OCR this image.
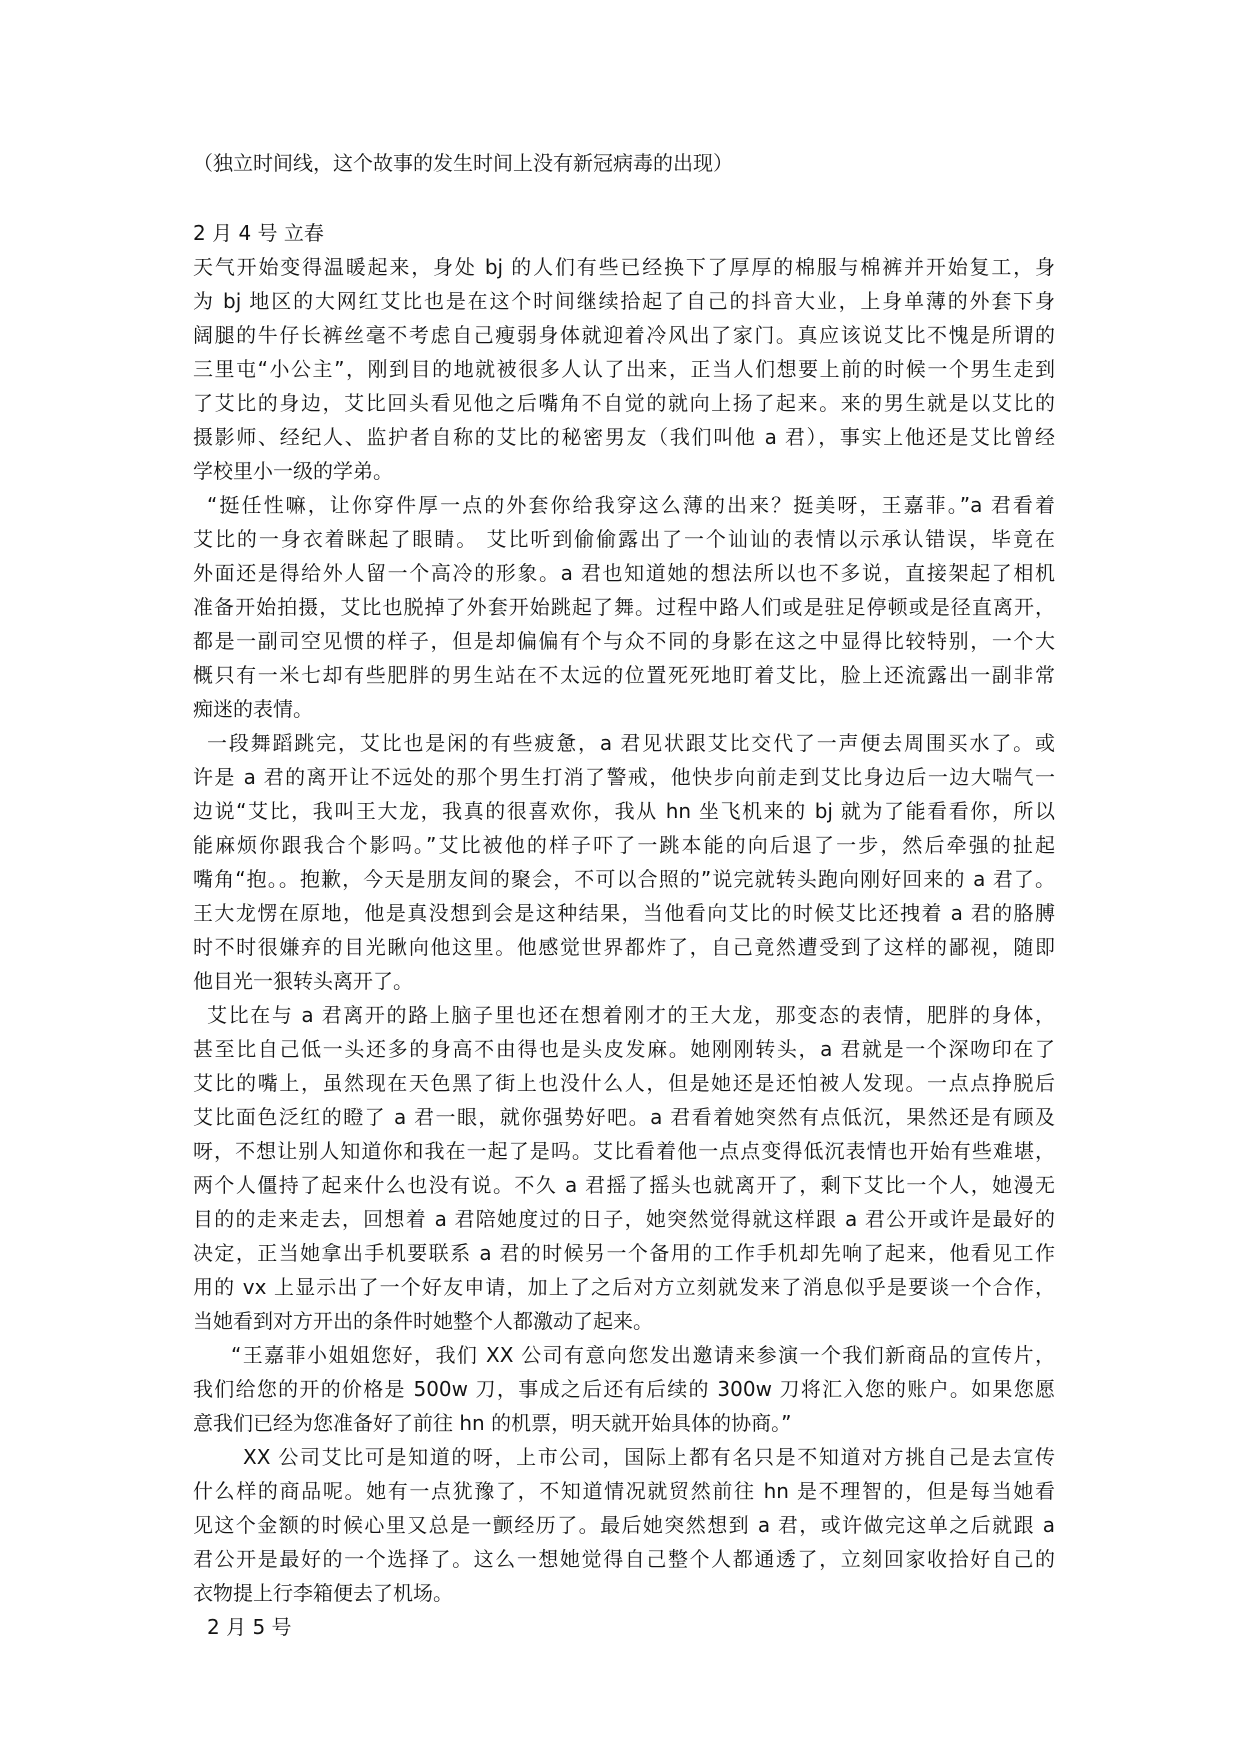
（独立时间线，这个故事的发生时间上没有新冠病毒的出现）
2 月 4 号 立春
天气开始变得温暖起来，身处 bj 的人们有些已经换下了厚厚的棉服与棉裤并开始复工，身
为 bj 地区的大网红艾比也是在这个时间继续拾起了自己的抖音大业，上身单薄的外套下身
阔腿的牛仔长裤丝毫不考虑自己瘦弱身体就迎着冷风出了家门。真应该说艾比不愧是所谓的
三里屯“小公主”，刚到目的地就被很多人认了出来，正当人们想要上前的时候一个男生走到
了艾比的身边，艾比回头看见他之后嘴角不自觉的就向上扬了起来。来的男生就是以艾比的
摄影师、经纪人、监护者自称的艾比的秘密男友（我们叫他 a 君），事实上他还是艾比曾经
学校里小一级的学弟。
“挺任性嘛，让你穿件厚一点的外套你给我穿这么薄的出来？挺美呀，王嘉菲。”a 君看着
艾比的一身衣着眯起了眼睛。 艾比听到偷偷露出了一个讪讪的表情以示承认错误，毕竟在
外面还是得给外人留一个高冷的形象。a 君也知道她的想法所以也不多说，直接架起了相机
准备开始拍摄，艾比也脱掉了外套开始跳起了舞。过程中路人们或是驻足停顿或是径直离开，
都是一副司空见惯的样子，但是却偏偏有个与众不同的身影在这之中显得比较特别，一个大
概只有一米七却有些肥胖的男生站在不太远的位置死死地盯着艾比，脸上还流露出一副非常
痴迷的表情。
一段舞蹈跳完，艾比也是闲的有些疲惫，a 君见状跟艾比交代了一声便去周围买水了。或
许是 a 君的离开让不远处的那个男生打消了警戒，他快步向前走到艾比身边后一边大喘气一
边说“艾比，我叫王大龙，我真的很喜欢你，我从 hn 坐飞机来的 bj 就为了能看看你，所以
能麻烦你跟我合个影吗。”艾比被他的样子吓了一跳本能的向后退了一步，然后牵强的扯起
嘴角“抱。。抱歉，今天是朋友间的聚会，不可以合照的”说完就转头跑向刚好回来的 a 君了。
王大龙愣在原地，他是真没想到会是这种结果，当他看向艾比的时候艾比还拽着 a 君的胳膊
时不时很嫌弃的目光瞅向他这里。他感觉世界都炸了，自己竟然遭受到了这样的鄙视，随即
他目光一狠转头离开了。
艾比在与 a 君离开的路上脑子里也还在想着刚才的王大龙，那变态的表情，肥胖的身体，
甚至比自己低一头还多的身高不由得也是头皮发麻。她刚刚转头，a 君就是一个深吻印在了
艾比的嘴上，虽然现在天色黑了街上也没什么人，但是她还是还怕被人发现。一点点挣脱后
艾比面色泛红的瞪了 a 君一眼，就你强势好吧。a 君看着她突然有点低沉，果然还是有顾及
呀，不想让别人知道你和我在一起了是吗。艾比看着他一点点变得低沉表情也开始有些难堪，
两个人僵持了起来什么也没有说。不久 a 君摇了摇头也就离开了，剩下艾比一个人，她漫无
目的的走来走去，回想着 a 君陪她度过的日子，她突然觉得就这样跟 a 君公开或许是最好的
决定，正当她拿出手机要联系 a 君的时候另一个备用的工作手机却先响了起来，他看见工作
用的 vx 上显示出了一个好友申请，加上了之后对方立刻就发来了消息似乎是要谈一个合作，
当她看到对方开出的条件时她整个人都激动了起来。
“王嘉菲小姐姐您好，我们 XX 公司有意向您发出邀请来参演一个我们新商品的宣传片，
我们给您的开的价格是 500w 刀，事成之后还有后续的 300w 刀将汇入您的账户。如果您愿
意我们已经为您准备好了前往 hn 的机票，明天就开始具体的协商。”
XX 公司艾比可是知道的呀，上市公司，国际上都有名只是不知道对方挑自己是去宣传
什么样的商品呢。她有一点犹豫了，不知道情况就贸然前往 hn 是不理智的，但是每当她看
见这个金额的时候心里又总是一颤经历了。最后她突然想到 a 君，或许做完这单之后就跟 a
君公开是最好的一个选择了。这么一想她觉得自己整个人都通透了，立刻回家收拾好自己的
衣物提上行李箱便去了机场。
2 月 5 号
